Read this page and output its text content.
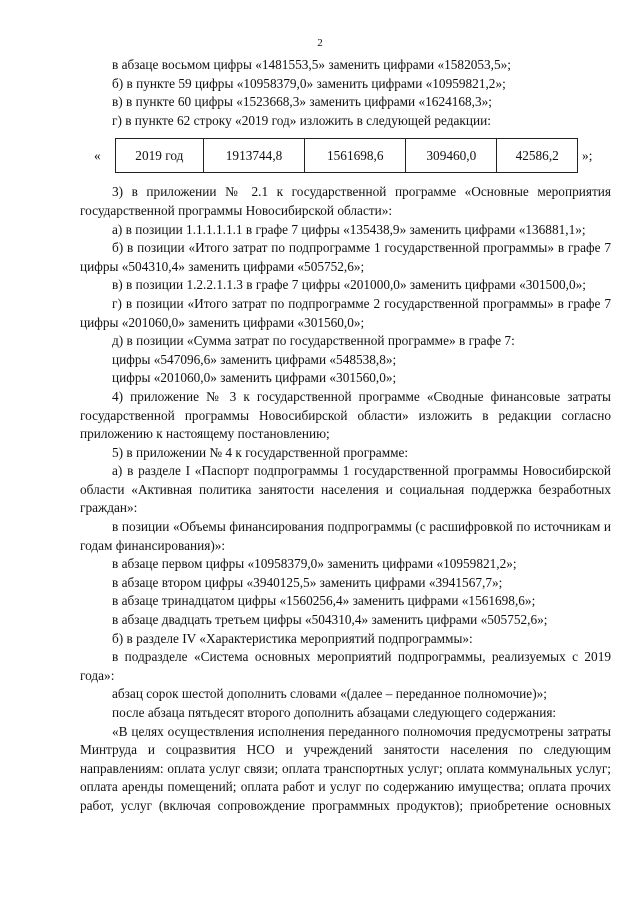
2

в абзаце восьмом цифры «1481553,5» заменить цифрами «1582053,5»;

б) в пункте 59 цифры «10958379,0» заменить цифрами «10959821,2»;

в) в пункте 60 цифры «1523668,3» заменить цифрами «1624168,3»;

г) в пункте 62 строку «2019 год» изложить в следующей редакции:

«	2019 год	1913744,8	1561698,6	309460,0	42586,2	»;

3) в приложении № 2.1 к государственной программе «Основные мероприятия государственной программы Новосибирской области»:

а) в позиции 1.1.1.1.1.1 в графе 7 цифры «135438,9» заменить цифрами «136881,1»;

б) в позиции «Итого затрат по подпрограмме 1 государственной программы» в графе 7 цифры «504310,4» заменить цифрами «505752,6»;

в) в позиции 1.2.2.1.1.3 в графе 7 цифры «201000,0» заменить цифрами «301500,0»;

г) в позиции «Итого затрат по подпрограмме 2 государственной программы» в графе 7 цифры «201060,0» заменить цифрами «301560,0»;

д) в позиции «Сумма затрат по государственной программе» в графе 7:

цифры «547096,6» заменить цифрами «548538,8»;

цифры «201060,0» заменить цифрами «301560,0»;

4) приложение № 3 к государственной программе «Сводные финансовые затраты государственной программы Новосибирской области» изложить в редакции согласно приложению к настоящему постановлению;

5) в приложении № 4 к государственной программе:

а) в разделе I «Паспорт подпрограммы 1 государственной программы Новосибирской области «Активная политика занятости населения и социальная поддержка безработных граждан»:

в позиции «Объемы финансирования подпрограммы (с расшифровкой по источникам и годам финансирования)»:

в абзаце первом цифры «10958379,0» заменить цифрами «10959821,2»;

в абзаце втором цифры «3940125,5» заменить цифрами «3941567,7»;

в абзаце тринадцатом цифры «1560256,4» заменить цифрами «1561698,6»;

в абзаце двадцать третьем цифры «504310,4» заменить цифрами «505752,6»;

б) в разделе IV «Характеристика мероприятий подпрограммы»:

в подразделе «Система основных мероприятий подпрограммы, реализуемых с 2019 года»:

абзац сорок шестой дополнить словами «(далее – переданное полномочие)»;

после абзаца пятьдесят второго дополнить абзацами следующего содержания:

«В целях осуществления исполнения переданного полномочия предусмотрены затраты Минтруда и соцразвития НСО и учреждений занятости населения по следующим направлениям: оплата услуг связи; оплата транспортных услуг; оплата коммунальных услуг; оплата аренды помещений; оплата работ и услуг по содержанию имущества; оплата прочих работ, услуг (включая сопровождение программных продуктов); приобретение основных
